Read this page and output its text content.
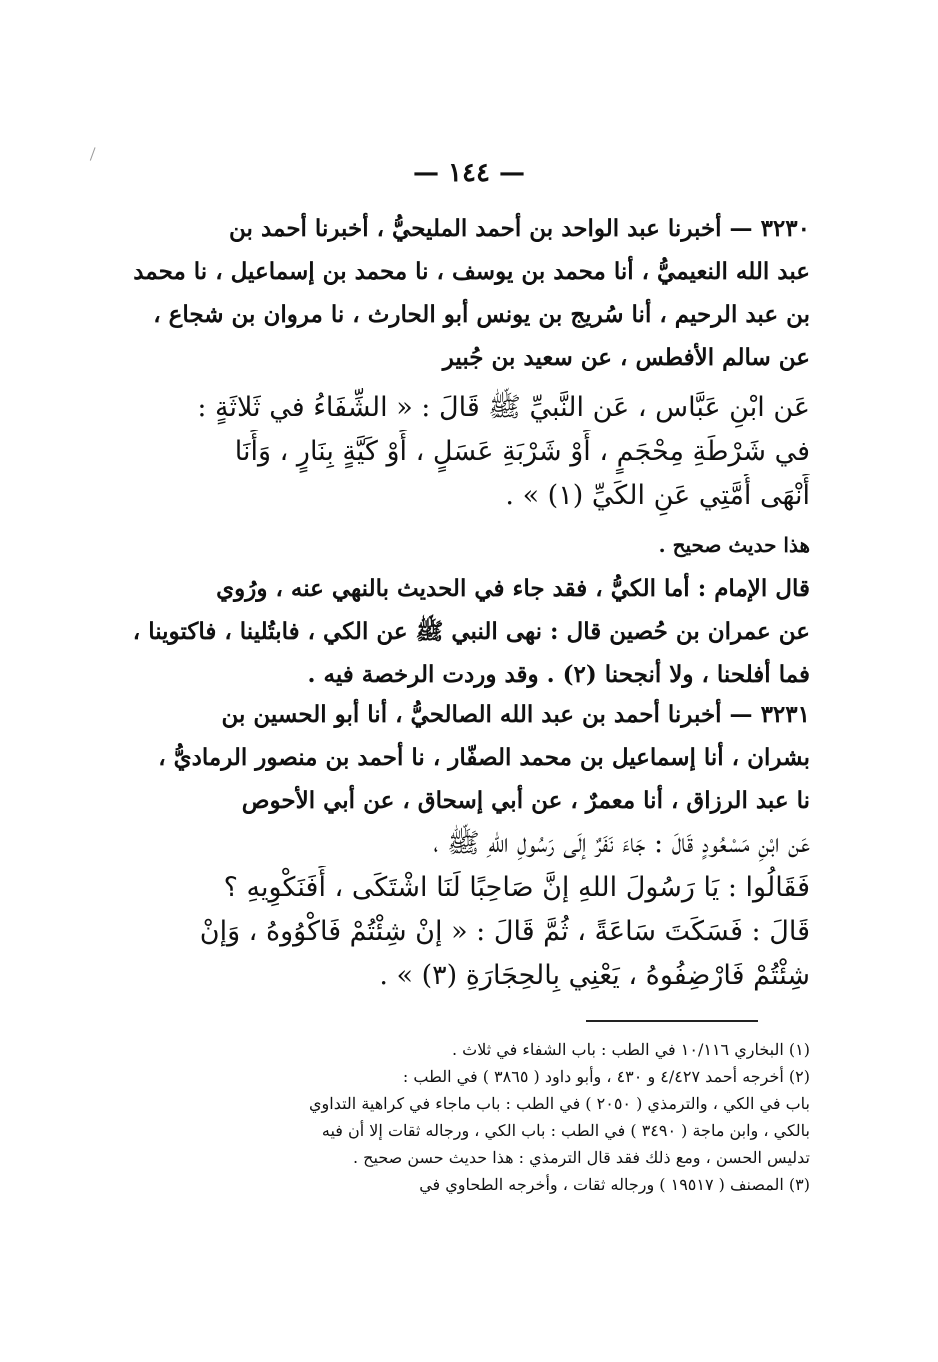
— ١٤٤ —
٣٢٣٠ — أخبرنا عبد الواحد بن أحمد المليحيُّ ، أخبرنا أحمد بن
عبد الله النعيميُّ ، أنا محمد بن يوسف ، نا محمد بن إسماعيل ، نا محمد
بن عبد الرحيم ، أنا سُريج بن يونس أبو الحارث ، نا مروان بن شجاع ،
عن سالم الأفطس ، عن سعيد بن جُبير
عَن ابْنِ عَبَّاس ، عَن النَّبيِّ ﷺ قَالَ : « الشِّفَاءُ في ثَلاثَةٍ :
في شَرْطَةِ مِحْجَمٍ ، أَوْ شَرْبَةِ عَسَلٍ ، أَوْ كَيَّةٍ بِنَارٍ ، وَأَنَا
أَنْهَى أُمَّتِي عَنِ الكَيِّ (١) » .
هذا حديث صحيح .
قال الإمام : أما الكيُّ ، فقد جاء في الحديث بالنهي عنه ، ورُوي
عن عمران بن حُصين قال : نهى النبي ﷺ عن الكي ، فابتُلينا ، فاكتوينا ،
فما أفلحنا ، ولا أنجحنا (٢) . وقد وردت الرخصة فيه .
٣٢٣١ — أخبرنا أحمد بن عبد الله الصالحيُّ ، أنا أبو الحسين بن
بشران ، أنا إسماعيل بن محمد الصفّار ، نا أحمد بن منصور الرماديُّ ،
نا عبد الرزاق ، أنا معمرٌ ، عن أبي إسحاق ، عن أبي الأحوص
عَن ابْنِ مَسْعُودٍ قَالَ : جَاءَ نَفَرٌ إلَى رَسُولِ اللهِ ﷺ ،
فَقَالُوا : يَا رَسُولَ اللهِ إنَّ صَاحِبًا لَنَا اشْتَكَى ، أَفَنَكْوِيهِ ؟
قَالَ : فَسَكَتَ سَاعَةً ، ثُمَّ قَالَ : « إنْ شِئْتُمْ فَاكْوُوهُ ، وَإنْ
شِئْتُمْ فَارْضِفُوهُ ، يَعْنِي بِالحِجَارَةِ (٣) » .
(١) البخاري ١٠/١١٦ في الطب : باب الشفاء في ثلاث .
(٢) أخرجه أحمد ٤/٤٢٧ و ٤٣٠ ، وأبو داود ( ٣٨٦٥ ) في الطب :
باب في الكي ، والترمذي ( ٢٠٥٠ ) في الطب : باب ماجاء في كراهية التداوي
بالكي ، وابن ماجة ( ٣٤٩٠ ) في الطب : باب الكي ، ورجاله ثقات إلا أن فيه
تدليس الحسن ، ومع ذلك فقد قال الترمذي : هذا حديث حسن صحيح .
(٣) المصنف ( ١٩٥١٧ ) ورجاله ثقات ، وأخرجه الطحاوي في
